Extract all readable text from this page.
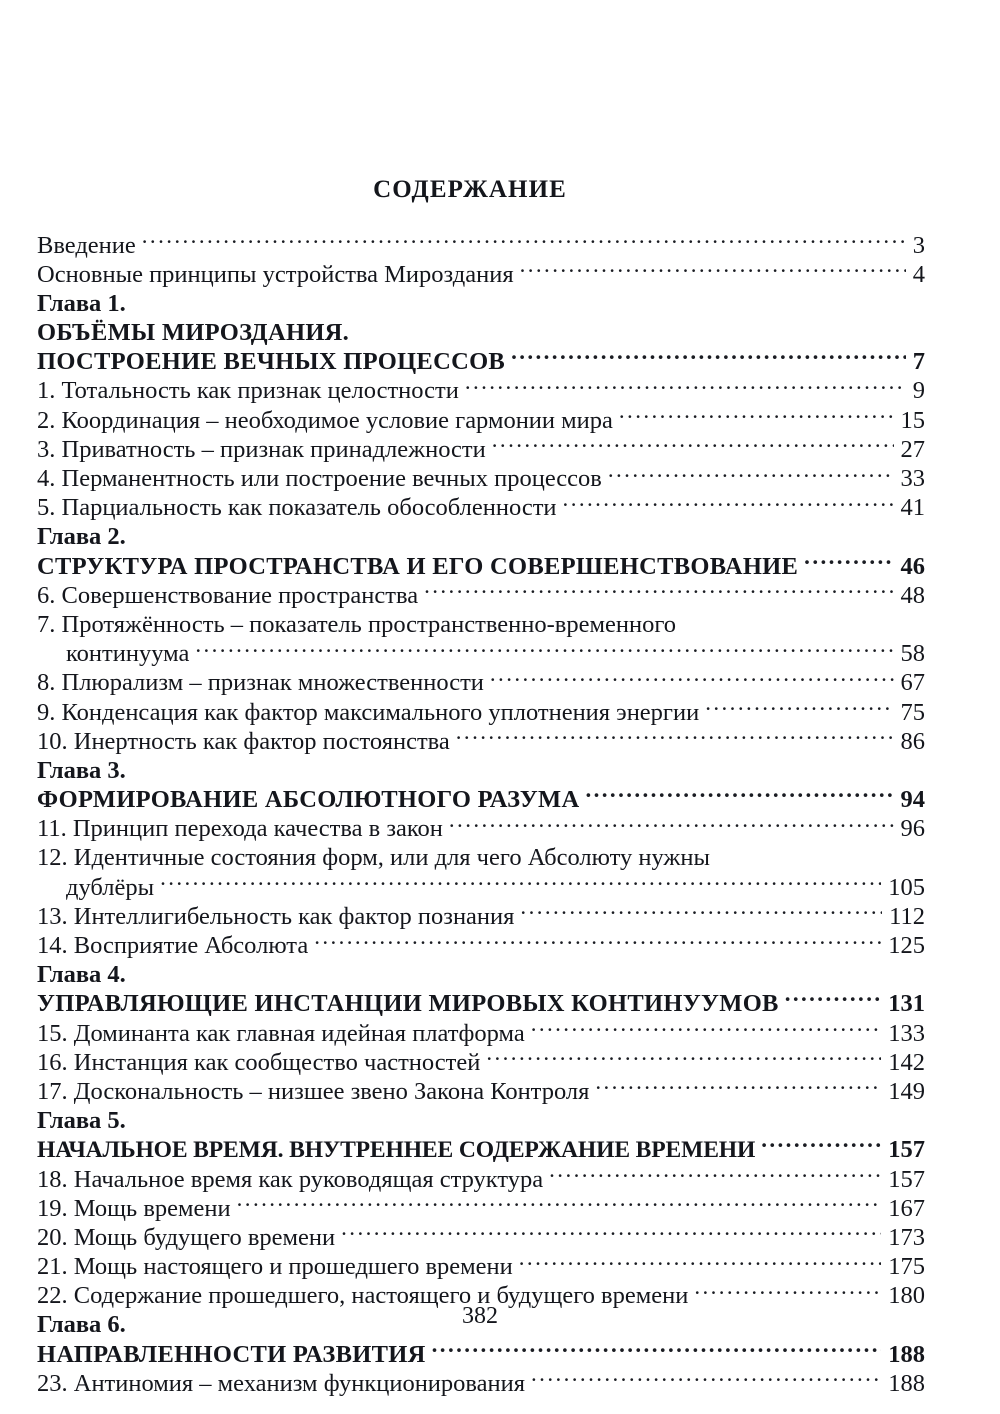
СОДЕРЖАНИЕ
Введение .....	3
Основные принципы устройства Мироздания .....	4
Глава 1.
ОБЪЁМЫ МИРОЗДАНИЯ.
ПОСТРОЕНИЕ ВЕЧНЫХ ПРОЦЕССОВ .....	7
1. Тотальность как признак целостности .....	9
2. Координация – необходимое условие гармонии мира .....	15
3. Приватность – признак принадлежности .....	27
4. Перманентность или построение вечных процессов .....	33
5. Парциальность как показатель обособленности .....	41
Глава 2.
СТРУКТУРА ПРОСТРАНСТВА И ЕГО СОВЕРШЕНСТВОВАНИЕ .....	46
6. Совершенствование пространства .....	48
7. Протяжённость – показатель пространственно-временного
континуума .....	58
8. Плюрализм – признак множественности .....	67
9. Конденсация как фактор максимального уплотнения энергии .....	75
10. Инертность как фактор постоянства .....	86
Глава 3.
ФОРМИРОВАНИЕ АБСОЛЮТНОГО РАЗУМА .....	94
11. Принцип перехода качества в закон .....	96
12. Идентичные состояния форм, или для чего Абсолюту нужны
дублёры .....	105
13. Интеллигибельность как фактор познания .....	112
14. Восприятие Абсолюта .....	125
Глава 4.
УПРАВЛЯЮЩИЕ ИНСТАНЦИИ МИРОВЫХ КОНТИНУУМОВ .....	131
15. Доминанта как главная идейная платформа .....	133
16. Инстанция как сообщество частностей .....	142
17. Доскональность – низшее звено Закона Контроля .....	149
Глава 5.
НАЧАЛЬНОЕ ВРЕМЯ. ВНУТРЕННЕЕ СОДЕРЖАНИЕ ВРЕМЕНИ .....	157
18. Начальное время как руководящая структура .....	157
19. Мощь времени .....	167
20. Мощь будущего времени .....	173
21. Мощь настоящего и прошедшего времени .....	175
22. Содержание прошедшего, настоящего и будущего времени .....	180
Глава 6.
НАПРАВЛЕННОСТИ РАЗВИТИЯ .....	188
23. Антиномия – механизм функционирования .....	188
382
